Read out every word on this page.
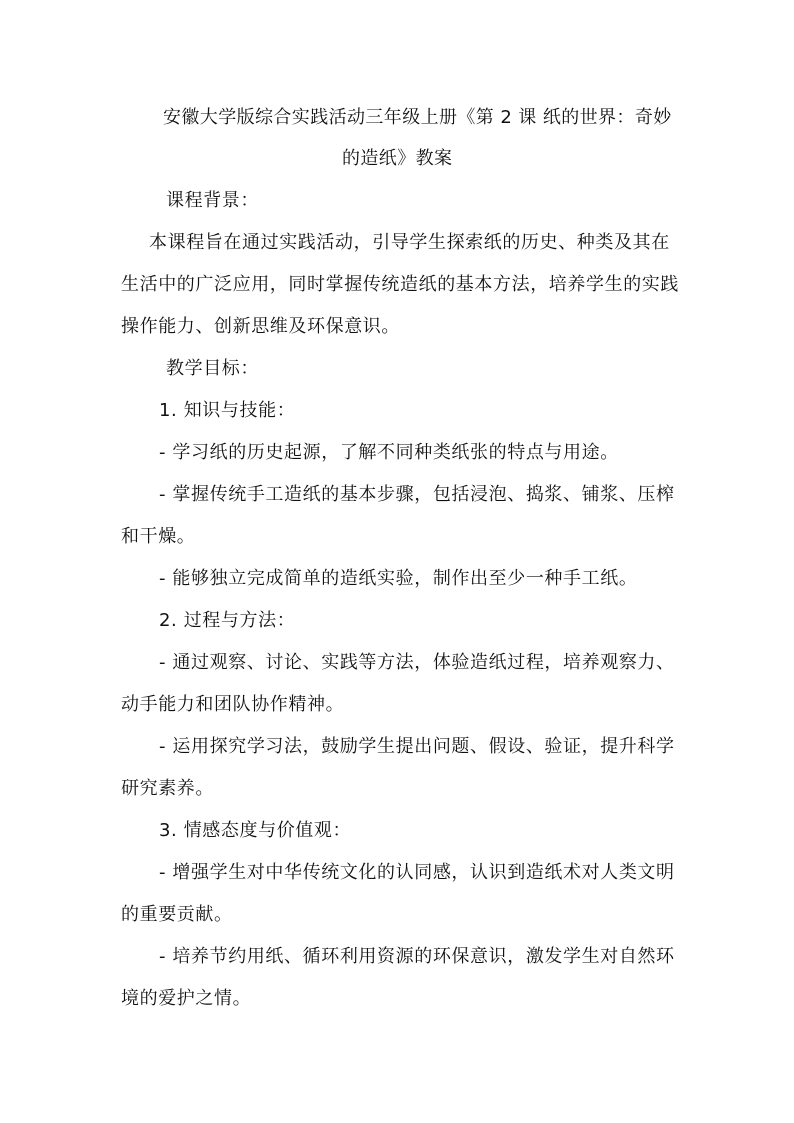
安徽大学版综合实践活动三年级上册《第 2 课 纸的世界：奇妙
的造纸》教案
课程背景：
本课程旨在通过实践活动，引导学生探索纸的历史、种类及其在
生活中的广泛应用，同时掌握传统造纸的基本方法，培养学生的实践
操作能力、创新思维及环保意识。
教学目标：
1. 知识与技能：
- 学习纸的历史起源，了解不同种类纸张的特点与用途。
- 掌握传统手工造纸的基本步骤，包括浸泡、捣浆、铺浆、压榨
和干燥。
- 能够独立完成简单的造纸实验，制作出至少一种手工纸。
2. 过程与方法：
- 通过观察、讨论、实践等方法，体验造纸过程，培养观察力、
动手能力和团队协作精神。
- 运用探究学习法，鼓励学生提出问题、假设、验证，提升科学
研究素养。
3. 情感态度与价值观：
- 增强学生对中华传统文化的认同感，认识到造纸术对人类文明
的重要贡献。
- 培养节约用纸、循环利用资源的环保意识，激发学生对自然环
境的爱护之情。
